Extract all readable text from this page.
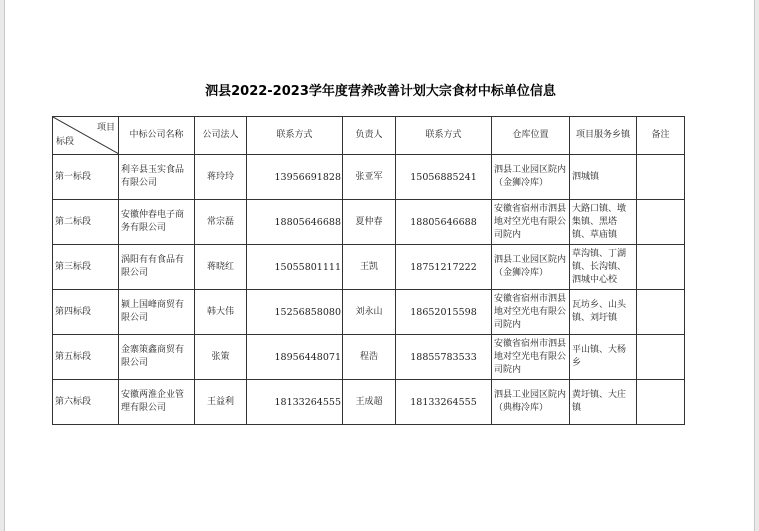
泗县2022-2023学年度营养改善计划大宗食材中标单位信息
项目
标段	中标公司名称	公司法人	联系方式	负责人	联系方式	仓库位置	项目服务乡镇	备注
第一标段	利辛县玉实食品有限公司	蒋玲玲	13956691828	张亚军	15056885241	泗县工业园区院内（金狮冷库）	泗城镇	
第二标段	安徽仲春电子商务有限公司	常宗磊	18805646688	夏仲春	18805646688	安徽省宿州市泗县地对空光电有限公司院内	大路口镇、墩集镇、黑塔镇、草庙镇	
第三标段	涡阳有有食品有限公司	蒋晓红	15055801111	王凯	18751217222	泗县工业园区院内（金狮冷库）	草沟镇、丁湖镇、长沟镇、泗城中心校	
第四标段	颍上国峰商贸有限公司	韩大伟	15256858080	刘永山	18652015598	安徽省宿州市泗县地对空光电有限公司院内	瓦坊乡、山头镇、刘圩镇	
第五标段	金寨策鑫商贸有限公司	张策	18956448071	程浩	18855783533	安徽省宿州市泗县地对空光电有限公司院内	平山镇、大杨乡	
第六标段	安徽两淮企业管理有限公司	王益利	18133264555	王成超	18133264555	泗县工业园区院内（典梅冷库）	黄圩镇、大庄镇	
